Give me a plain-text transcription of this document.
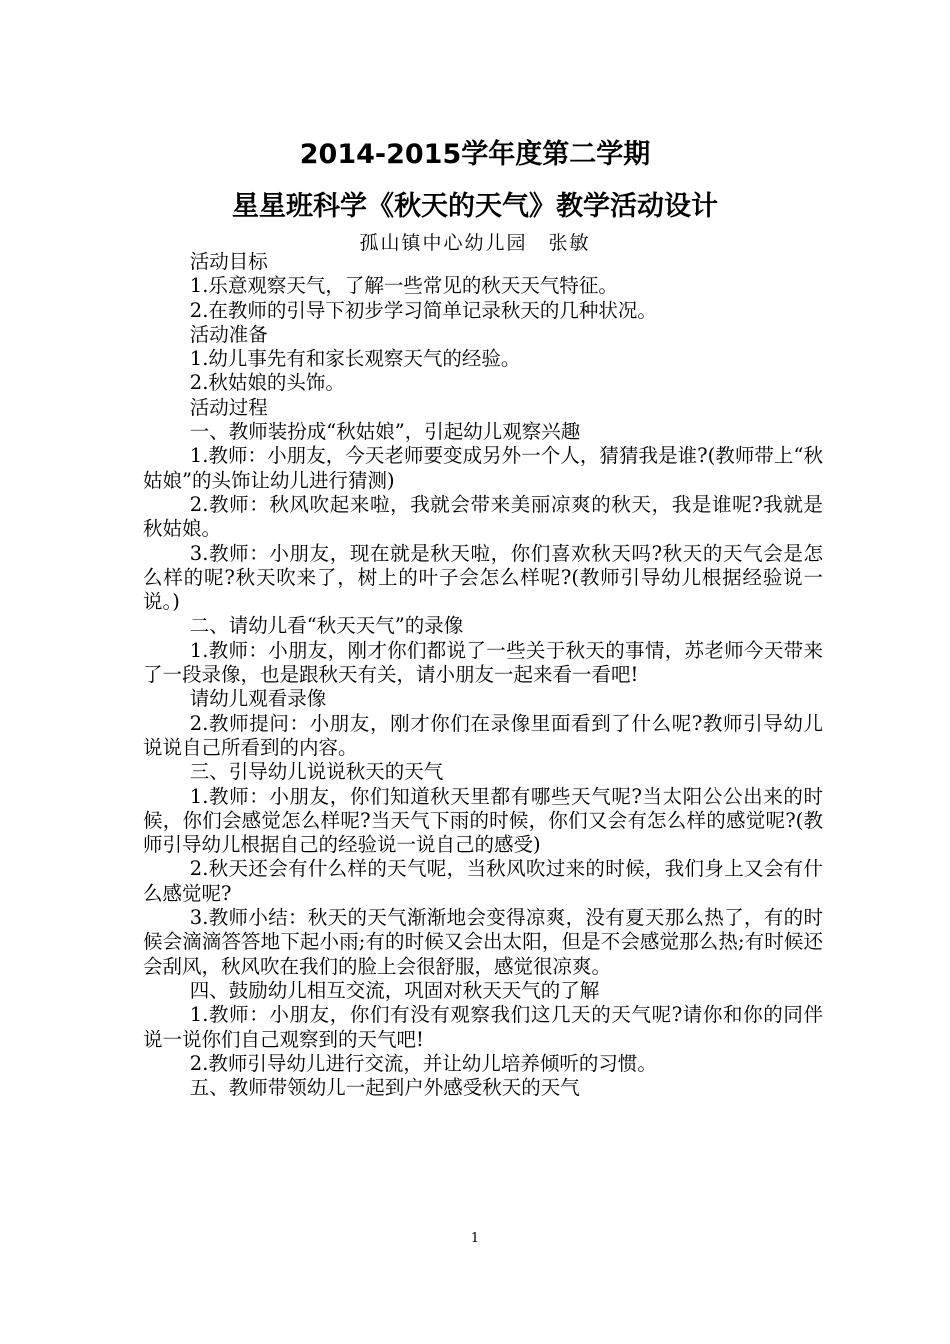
2014-2015学年度第二学期
星星班科学《秋天的天气》教学活动设计
孤山镇中心幼儿园　张敏

活动目标

1.乐意观察天气，了解一些常见的秋天天气特征。

2.在教师的引导下初步学习简单记录秋天的几种状况。

活动准备

1.幼儿事先有和家长观察天气的经验。

2.秋姑娘的头饰。

活动过程

一、教师装扮成“秋姑娘”，引起幼儿观察兴趣

1.教师：小朋友，今天老师要变成另外一个人，猜猜我是谁?(教师带上“秋姑娘”的头饰让幼儿进行猜测)

2.教师：秋风吹起来啦，我就会带来美丽凉爽的秋天，我是谁呢?我就是秋姑娘。

3.教师：小朋友，现在就是秋天啦，你们喜欢秋天吗?秋天的天气会是怎么样的呢?秋天吹来了，树上的叶子会怎么样呢?(教师引导幼儿根据经验说一说。)

二、请幼儿看“秋天天气”的录像

1.教师：小朋友，刚才你们都说了一些关于秋天的事情，苏老师今天带来了一段录像，也是跟秋天有关，请小朋友一起来看一看吧!

请幼儿观看录像

2.教师提问：小朋友，刚才你们在录像里面看到了什么呢?教师引导幼儿说说自己所看到的内容。

三、引导幼儿说说秋天的天气

1.教师：小朋友，你们知道秋天里都有哪些天气呢?当太阳公公出来的时候，你们会感觉怎么样呢?当天气下雨的时候，你们又会有怎么样的感觉呢?(教师引导幼儿根据自己的经验说一说自己的感受)

2.秋天还会有什么样的天气呢，当秋风吹过来的时候，我们身上又会有什么感觉呢?

3.教师小结：秋天的天气渐渐地会变得凉爽，没有夏天那么热了，有的时候会滴滴答答地下起小雨;有的时候又会出太阳，但是不会感觉那么热;有时候还会刮风，秋风吹在我们的脸上会很舒服，感觉很凉爽。

四、鼓励幼儿相互交流，巩固对秋天天气的了解

1.教师：小朋友，你们有没有观察我们这几天的天气呢?请你和你的同伴说一说你们自己观察到的天气吧!

2.教师引导幼儿进行交流，并让幼儿培养倾听的习惯。

五、教师带领幼儿一起到户外感受秋天的天气

1
